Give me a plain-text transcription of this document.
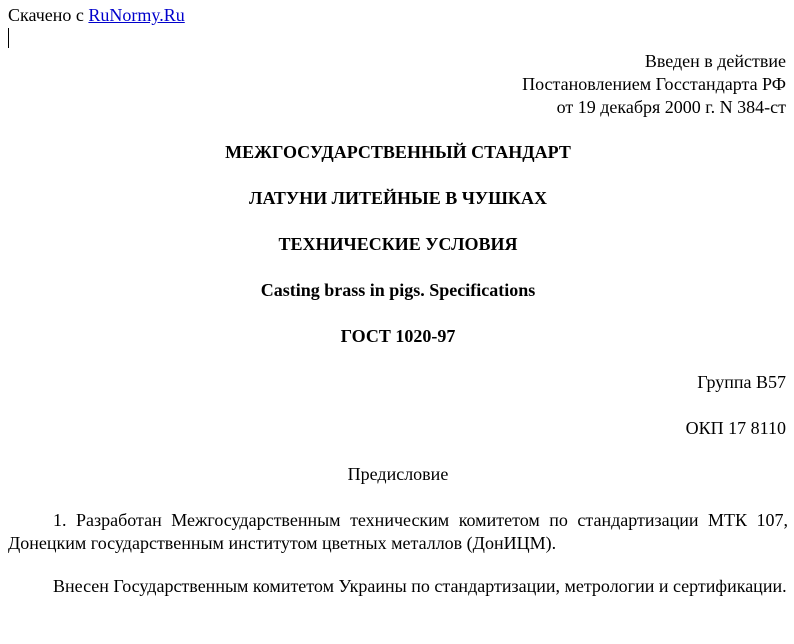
Скачено с RuNormy.Ru
Введен в действие
Постановлением Госстандарта РФ
от 19 декабря 2000 г. N 384-ст
МЕЖГОСУДАРСТВЕННЫЙ СТАНДАРТ
ЛАТУНИ ЛИТЕЙНЫЕ В ЧУШКАХ
ТЕХНИЧЕСКИЕ УСЛОВИЯ
Casting brass in pigs. Specifications
ГОСТ 1020-97
Группа В57
ОКП 17 8110
Предисловие
1. Разработан Межгосударственным техническим комитетом по стандартизации МТК 107, Донецким государственным институтом цветных металлов (ДонИЦМ).
Внесен Государственным комитетом Украины по стандартизации, метрологии и сертификации.
